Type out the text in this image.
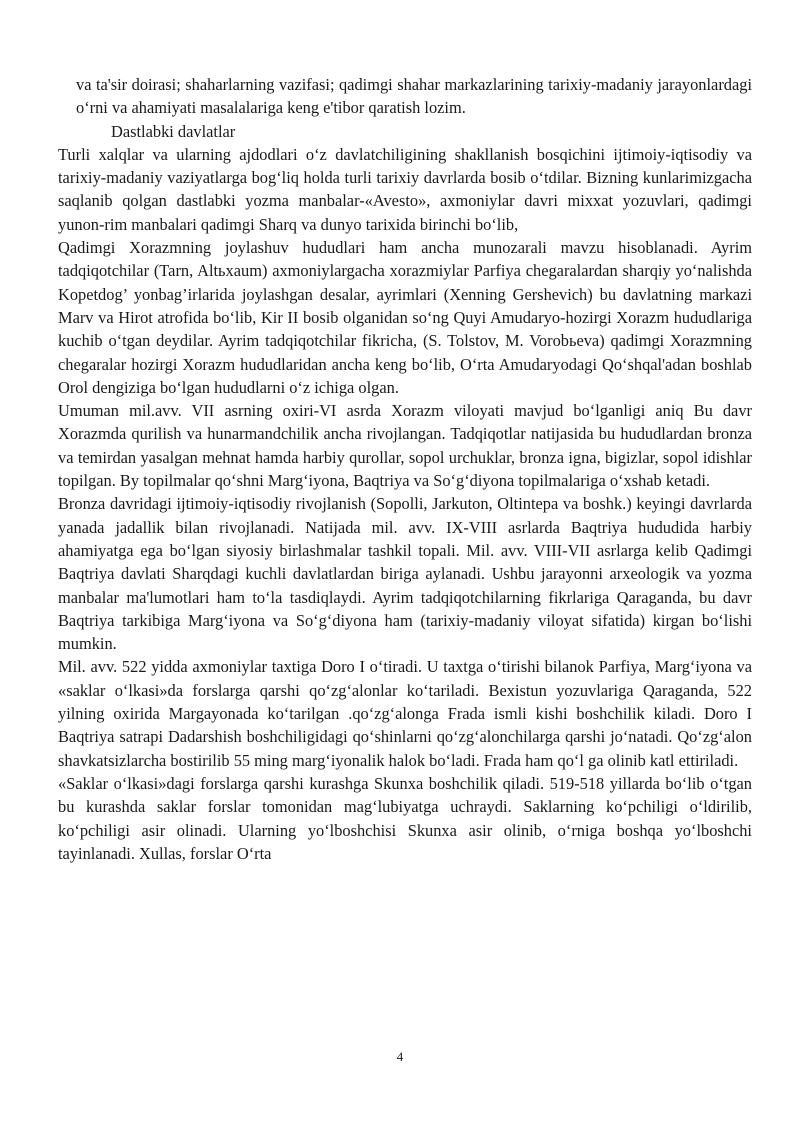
va ta'sir doirasi; shaharlarning vazifasi; qadimgi shahar markazlarining tarixiy-madaniy jarayonlardagi o‘rni va ahamiyati masalalariga keng e'tibor qaratish lozim.

Dastlabki davlatlar

Turli xalqlar va ularning ajdodlari o‘z davlatchiligining shakllanish bosqichini ijtimoiy-iqtisodiy va tarixiy-madaniy vaziyatlarga bog‘liq holda turli tarixiy davrlarda bosib o‘tdilar. Bizning kunlarimizgacha saqlanib qolgan dastlabki yozma manbalar-«Avesto», axmoniylar davri mixxat yozuvlari, qadimgi yunon-rim manbalari qadimgi Sharq va dunyo tarixida birinchi bo‘lib,

Qadimgi Xorazmning joylashuv hududlari ham ancha munozarali mavzu hisoblanadi. Ayrim tadqiqotchilar (Tarn, Altьxaum) axmoniylargacha xorazmiylar Parfiya chegaralardan sharqiy yo‘nalishda Kopetdog’ yonbag’irlarida joylashgan desalar, ayrimlari (Xenning Gershevich) bu davlatning markazi Marv va Hirot atrofida bo‘lib, Kir II bosib olganidan so‘ng Quyi Amudaryo-hozirgi Xorazm hududlariga kuchib o‘tgan deydilar. Ayrim tadqiqotchilar fikricha, (S. Tolstov, M. Vorobьeva) qadimgi Xorazmning chegaralar hozirgi Xorazm hududlaridan ancha keng bo‘lib, O‘rta Amudaryodagi Qo‘shqal'adan boshlab Orol dengiziga bo‘lgan hududlarni o‘z ichiga olgan.

Umuman mil.avv. VII asrning oxiri-VI asrda Xorazm viloyati mavjud bo‘lganligi aniq Bu davr Xorazmda qurilish va hunarmandchilik ancha rivojlangan. Tadqiqotlar natijasida bu hududlardan bronza va temirdan yasalgan mehnat hamda harbiy qurollar, sopol urchuklar, bronza igna, bigizlar, sopol idishlar topilgan. By topilmalar qo‘shni Marg‘iyona, Baqtriya va So‘g‘diyona topilmalariga o‘xshab ketadi.

Bronza davridagi ijtimoiy-iqtisodiy rivojlanish (Sopolli, Jarkuton, Oltintepa va boshk.) keyingi davrlarda yanada jadallik bilan rivojlanadi. Natijada mil. avv. IX-VIII asrlarda Baqtriya hududida harbiy ahamiyatga ega bo‘lgan siyosiy birlashmalar tashkil topali. Mil. avv. VIII-VII asrlarga kelib Qadimgi Baqtriya davlati Sharqdagi kuchli davlatlardan biriga aylanadi. Ushbu jarayonni arxeologik va yozma manbalar ma'lumotlari ham to‘la tasdiqlaydi. Ayrim tadqiqotchilarning fikrlariga Qaraganda, bu davr Baqtriya tarkibiga Marg‘iyona va So‘g‘diyona ham (tarixiy-madaniy viloyat sifatida) kirgan bo‘lishi mumkin.

Mil. avv. 522 yidda axmoniylar taxtiga Doro I o‘tiradi. U taxtga o‘tirishi bilanok Parfiya, Marg‘iyona va «saklar o‘lkasi»da forslarga qarshi qo‘zg‘alonlar ko‘tariladi. Bexistun yozuvlariga Qaraganda, 522 yilning oxirida Margayonada ko‘tarilgan .qo‘zg‘alonga Frada ismli kishi boshchilik kiladi. Doro I Baqtriya satrapi Dadarshish boshchiligidagi qo‘shinlarni qo‘zg‘alonchilarga qarshi jo‘natadi. Qo‘zg‘alon shavkatsizlarcha bostirilib 55 ming marg‘iyonalik halok bo‘ladi. Frada ham qo‘l ga olinib katl ettiriladi.

«Saklar o‘lkasi»dagi forslarga qarshi kurashga Skunxa boshchilik qiladi. 519-518 yillarda bo‘lib o‘tgan bu kurashda saklar forslar tomonidan mag‘lubiyatga uchraydi. Saklarning ko‘pchiligi o‘ldirilib, ko‘pchiligi asir olinadi. Ularning yo‘lboshchisi Skunxa asir olinib, o‘rniga boshqa yo‘lboshchi tayinlanadi. Xullas, forslar O‘rta

4
